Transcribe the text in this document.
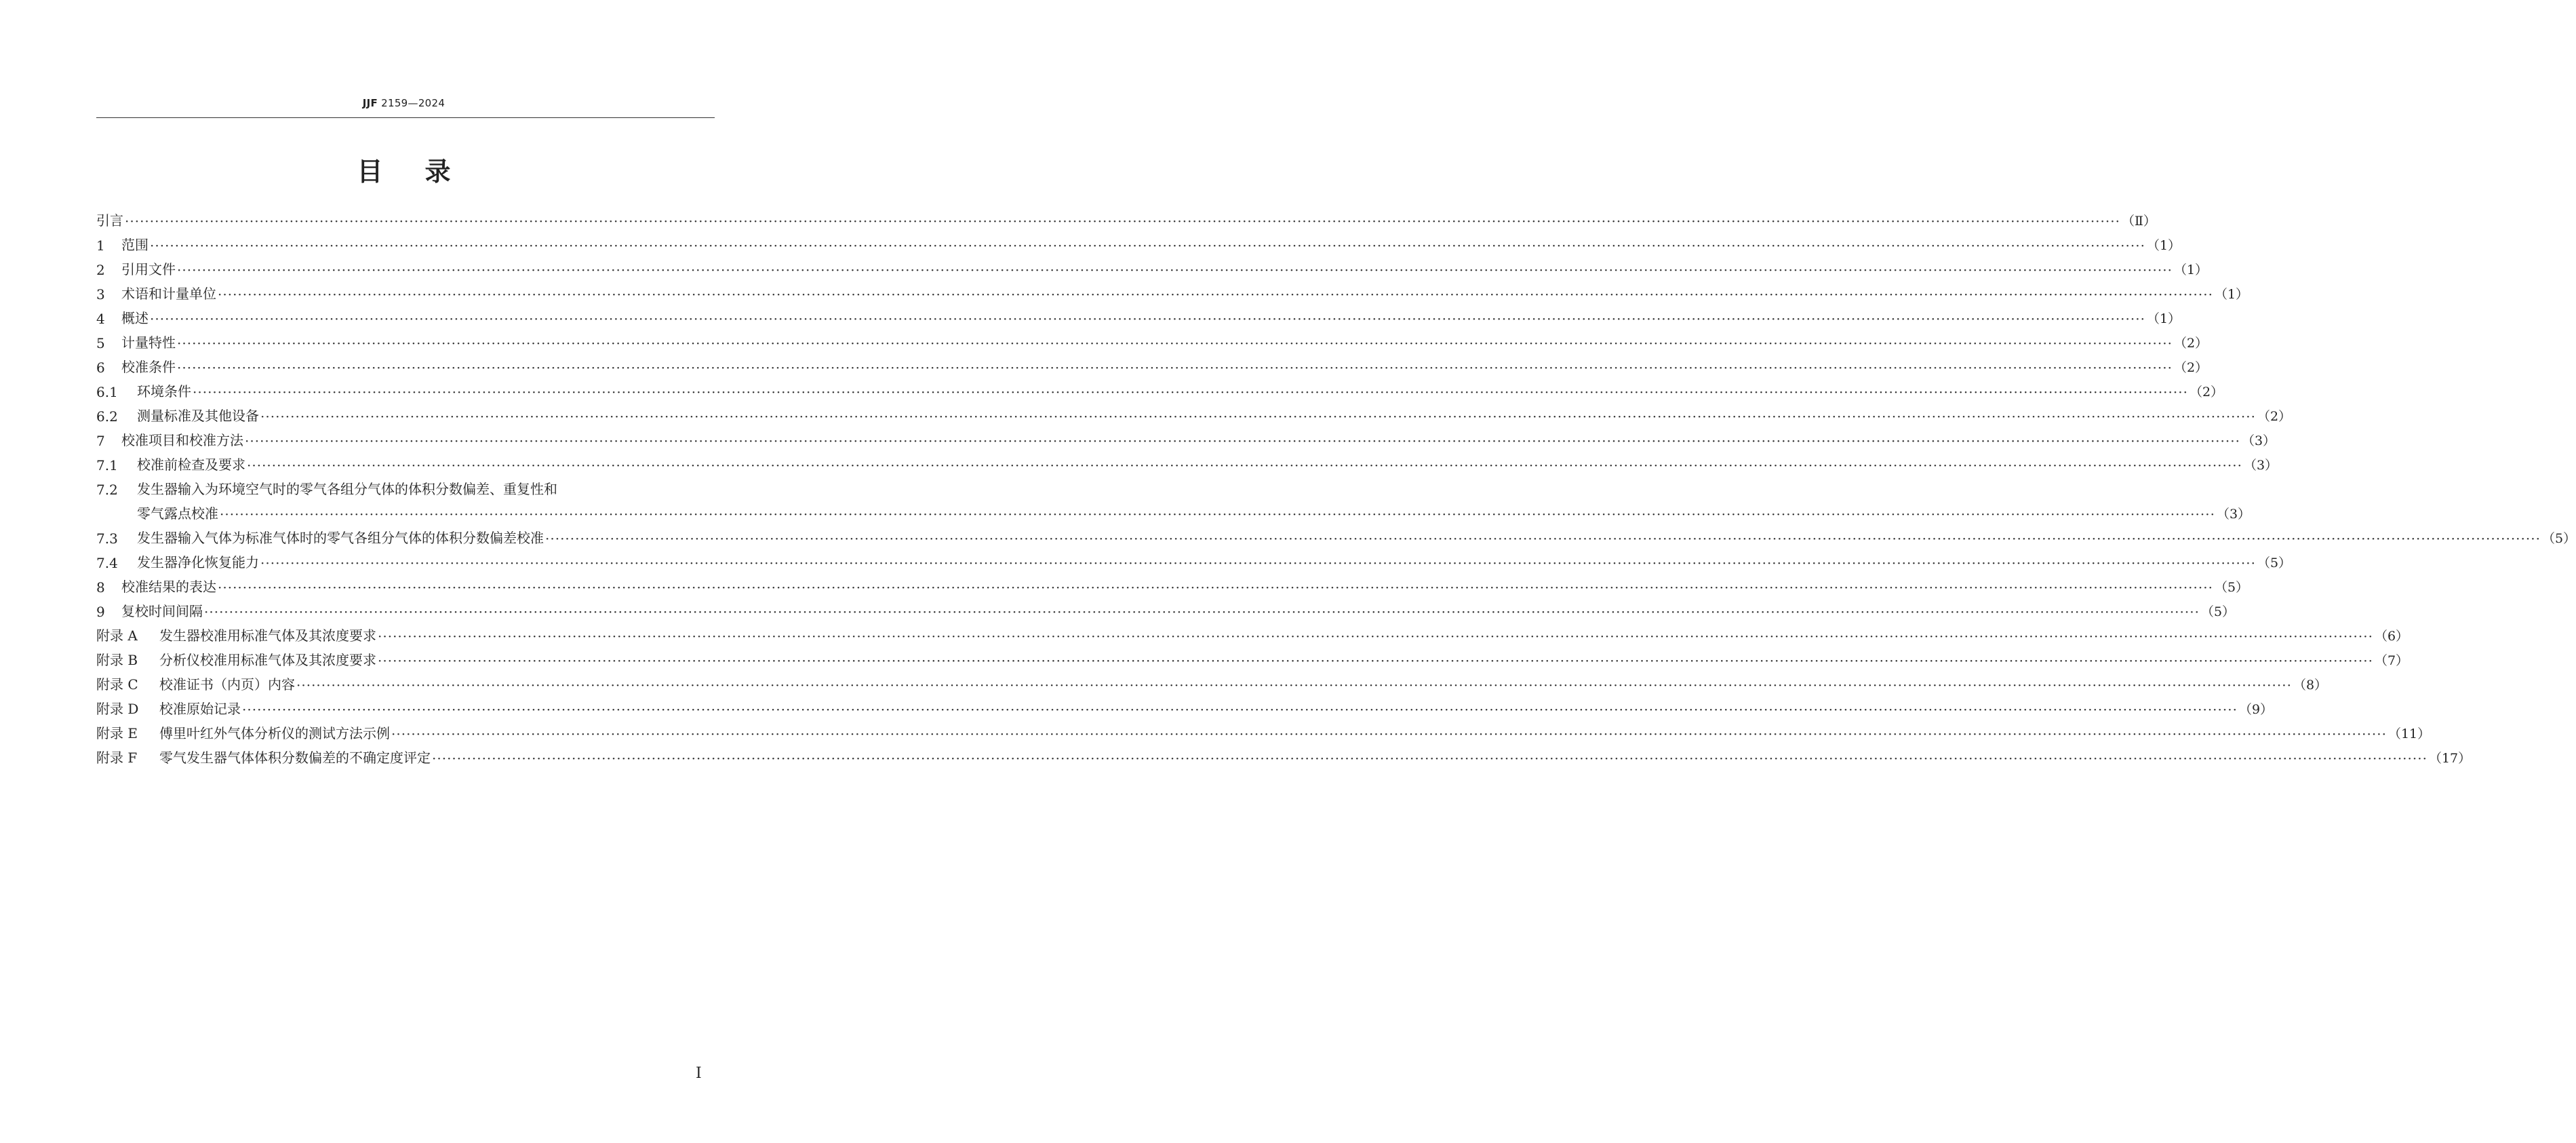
JJF 2159—2024
目录
引言 ················································································································································································································································································································································································································ （Ⅱ）
1	范围 ················································································································································································································································································································································································································ （1）
2	引用文件 ················································································································································································································································································································································································································ （1）
3	术语和计量单位 ················································································································································································································································································································································································································ （1）
4	概述 ················································································································································································································································································································································································································ （1）
5	计量特性 ················································································································································································································································································································································································································ （2）
6	校准条件 ················································································································································································································································································································································································································ （2）
6.1	环境条件 ················································································································································································································································································································································································································ （2）
6.2	测量标准及其他设备 ················································································································································································································································································································································································································ （2）
7	校准项目和校准方法 ················································································································································································································································································································································································································ （3）
7.1	校准前检查及要求 ················································································································································································································································································································································································································ （3）
7.2	发生器输入为环境空气时的零气各组分气体的体积分数偏差、重复性和
零气露点校准 ················································································································································································································································································································································································································ （3）
7.3	发生器输入气体为标准气体时的零气各组分气体的体积分数偏差校准 ················································································································································································································································································································································································································ （5）
7.4	发生器净化恢复能力 ················································································································································································································································································································································································································ （5）
8	校准结果的表达 ················································································································································································································································································································································································································ （5）
9	复校时间间隔 ················································································································································································································································································································································································································ （5）
附录 A	发生器校准用标准气体及其浓度要求 ················································································································································································································································································································································································································ （6）
附录 B	分析仪校准用标准气体及其浓度要求 ················································································································································································································································································································································································································ （7）
附录 C	校准证书（内页）内容 ················································································································································································································································································································································································································ （8）
附录 D	校准原始记录 ················································································································································································································································································································································································································ （9）
附录 E	傅里叶红外气体分析仪的测试方法示例 ················································································································································································································································································································································································································ （11）
附录 F	零气发生器气体体积分数偏差的不确定度评定 ················································································································································································································································································································································································································ （17）
I
